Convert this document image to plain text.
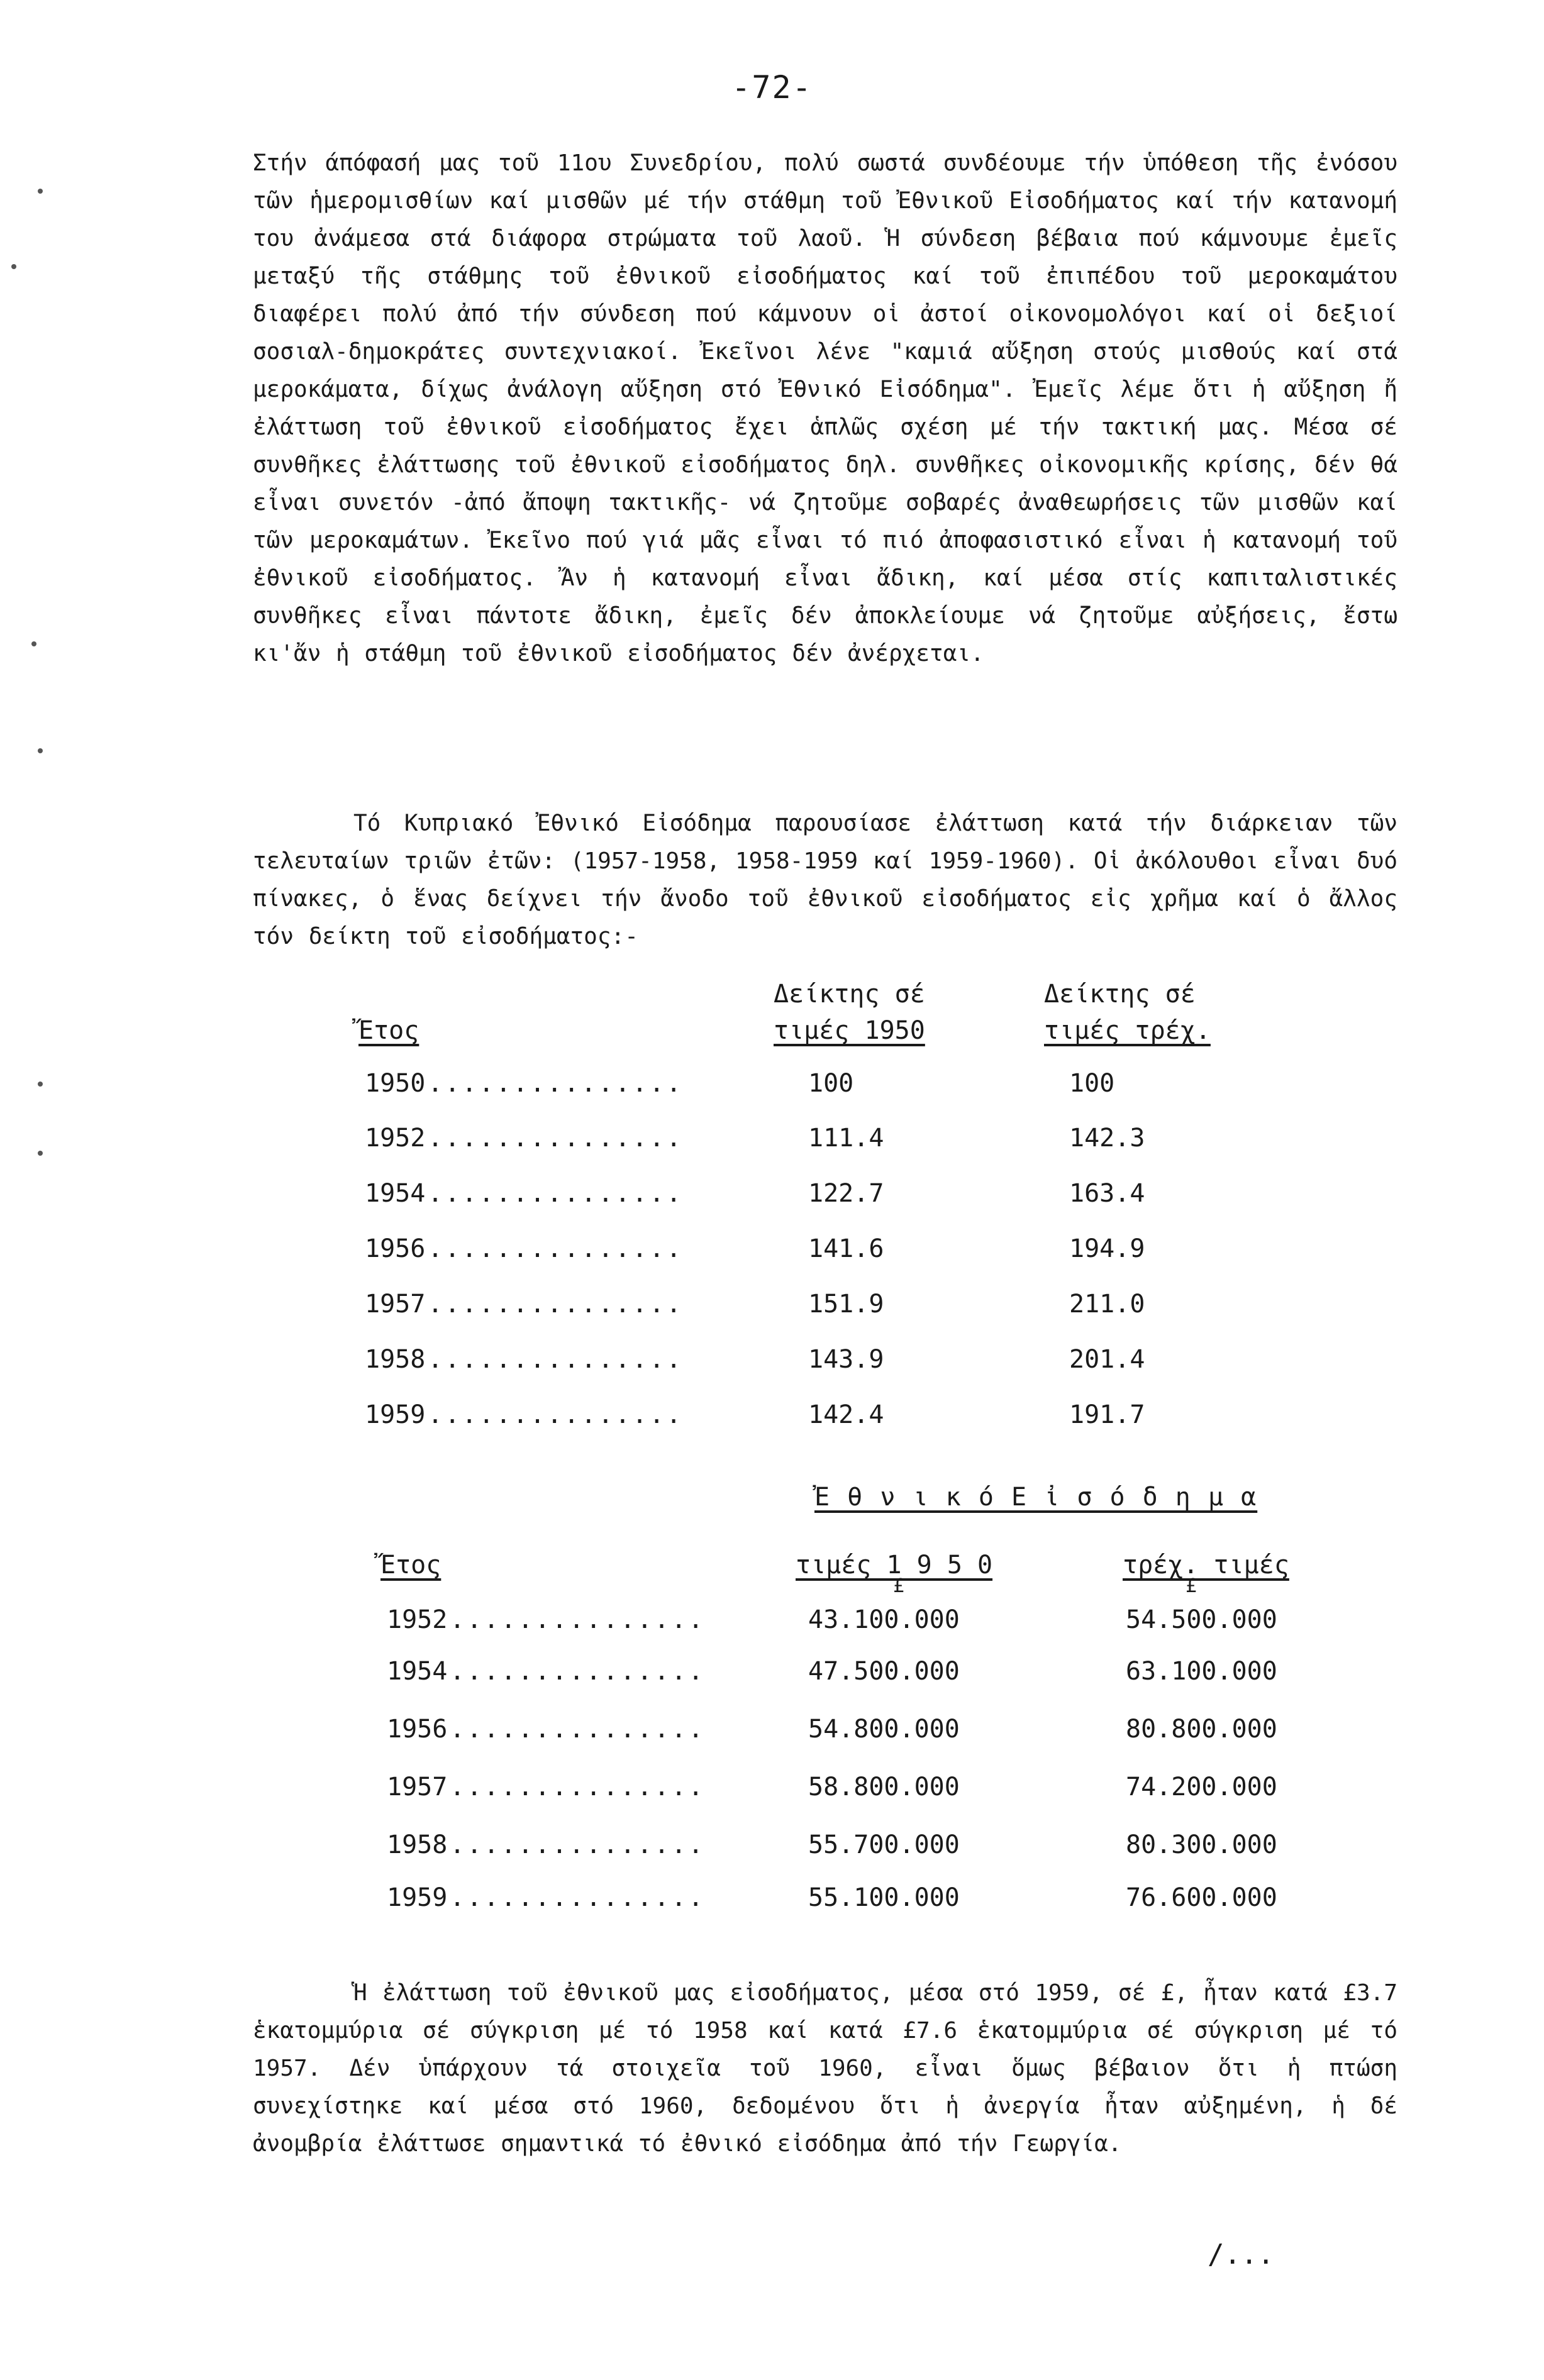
-72-
Στήν άπόφασή μας τοῦ 11ου Συνεδρίου, πολύ σωστά συνδέουμε τήν ὑπόθεση τῆς ἐνόσου τῶν ἡμερομισθίων καί μισθῶν μέ τήν στάθμη τοῦ Ἐθνικοῦ Εἰσοδήματος καί τήν κατανομή του ἀνάμεσα στά διάφορα στρώματα τοῦ λαοῦ. Ἡ σύνδεση βέβαια πού κάμνουμε ἐμεῖς μεταξύ τῆς στάθμης τοῦ ἐθνικοῦ εἰσοδήματος καί τοῦ ἐπιπέδου τοῦ μεροκαμάτου διαφέρει πολύ ἀπό τήν σύνδεση πού κάμνουν οἱ ἀστοί οἰκονομολόγοι καί οἱ δεξιοί σοσιαλ-δημοκράτες συντεχνιακοί. Ἐκεῖνοι λένε "καμιά αὔξηση στούς μισθούς καί στά μεροκάματα, δίχως ἀνάλογη αὔξηση στό Ἐθνικό Εἰσόδημα". Ἐμεῖς λέμε ὅτι ἡ αὔξηση ἤ ἐλάττωση τοῦ ἐθνικοῦ εἰσοδήματος ἔχει ἁπλῶς σχέση μέ τήν τακτική μας. Μέσα σέ συνθῆκες ἐλάττωσης τοῦ ἐθνικοῦ εἰσοδήματος δηλ. συνθῆκες οἰκονομικῆς κρίσης, δέν θά εἶναι συνετόν -ἀπό ἄποψη τακτικῆς- νά ζητοῦμε σοβαρές ἀναθεωρήσεις τῶν μισθῶν καί τῶν μεροκαμάτων. Ἐκεῖνο πού γιά μᾶς εἶναι τό πιό ἀποφασιστικό εἶναι ἡ κατανομή τοῦ ἐθνικοῦ εἰσοδήματος. Ἄν ἡ κατανομή εἶναι ἄδικη, καί μέσα στίς καπιταλιστικές συνθῆκες εἶναι πάντοτε ἄδικη, ἐμεῖς δέν ἀποκλείουμε νά ζητοῦμε αὐξήσεις, ἔστω κι'ἄν ἡ στάθμη τοῦ ἐθνικοῦ εἰσοδήματος δέν ἀνέρχεται.
Τό Κυπριακό Ἐθνικό Εἰσόδημα παρουσίασε ἐλάττωση κατά τήν διάρκειαν τῶν τελευταίων τριῶν ἐτῶν: (1957-1958, 1958-1959 καί 1959-1960). Οἱ ἀκόλουθοι εἶναι δυό πίνακες, ὁ ἕνας δείχνει τήν ἄνοδο τοῦ ἐθνικοῦ εἰσοδήματος εἰς χρῆμα καί ὁ ἄλλος τόν δείκτη τοῦ εἰσοδήματος:-
Δείκτης σέ	Δείκτης σέ
Ἔτος	τιμές 1950	τιμές τρέχ.
1950 ...............	100	100
1952 ...............	111.4	142.3
1954 ...............	122.7	163.4
1956 ...............	141.6	194.9
1957 ...............	151.9	211.0
1958 ...............	143.9	201.4
1959 ...............	142.4	191.7
Ἐ θ ν ι κ ό Ε ἰ σ ό δ η μ α
Ἔτος	τιμές 1 9 5 0	τρέχ. τιμές
£	£
1952 ...............	43.100.000	54.500.000
1954 ...............	47.500.000	63.100.000
1956 ...............	54.800.000	80.800.000
1957 ...............	58.800.000	74.200.000
1958 ...............	55.700.000	80.300.000
1959 ...............	55.100.000	76.600.000
Ἡ ἐλάττωση τοῦ ἐθνικοῦ μας εἰσοδήματος, μέσα στό 1959, σέ £, ἦταν κατά £3.7 ἑκατομμύρια σέ σύγκριση μέ τό 1958 καί κατά £7.6 ἑκατομμύρια σέ σύγκριση μέ τό 1957. Δέν ὑπάρχουν τά στοιχεῖα τοῦ 1960, εἶναι ὅμως βέβαιον ὅτι ἡ πτώση συνεχίστηκε καί μέσα στό 1960, δεδομένου ὅτι ἡ ἀνεργία ἦταν αὐξημένη, ἡ δέ ἀνομβρία ἐλάττωσε σημαντικά τό ἐθνικό εἰσόδημα ἀπό τήν Γεωργία.
/...
